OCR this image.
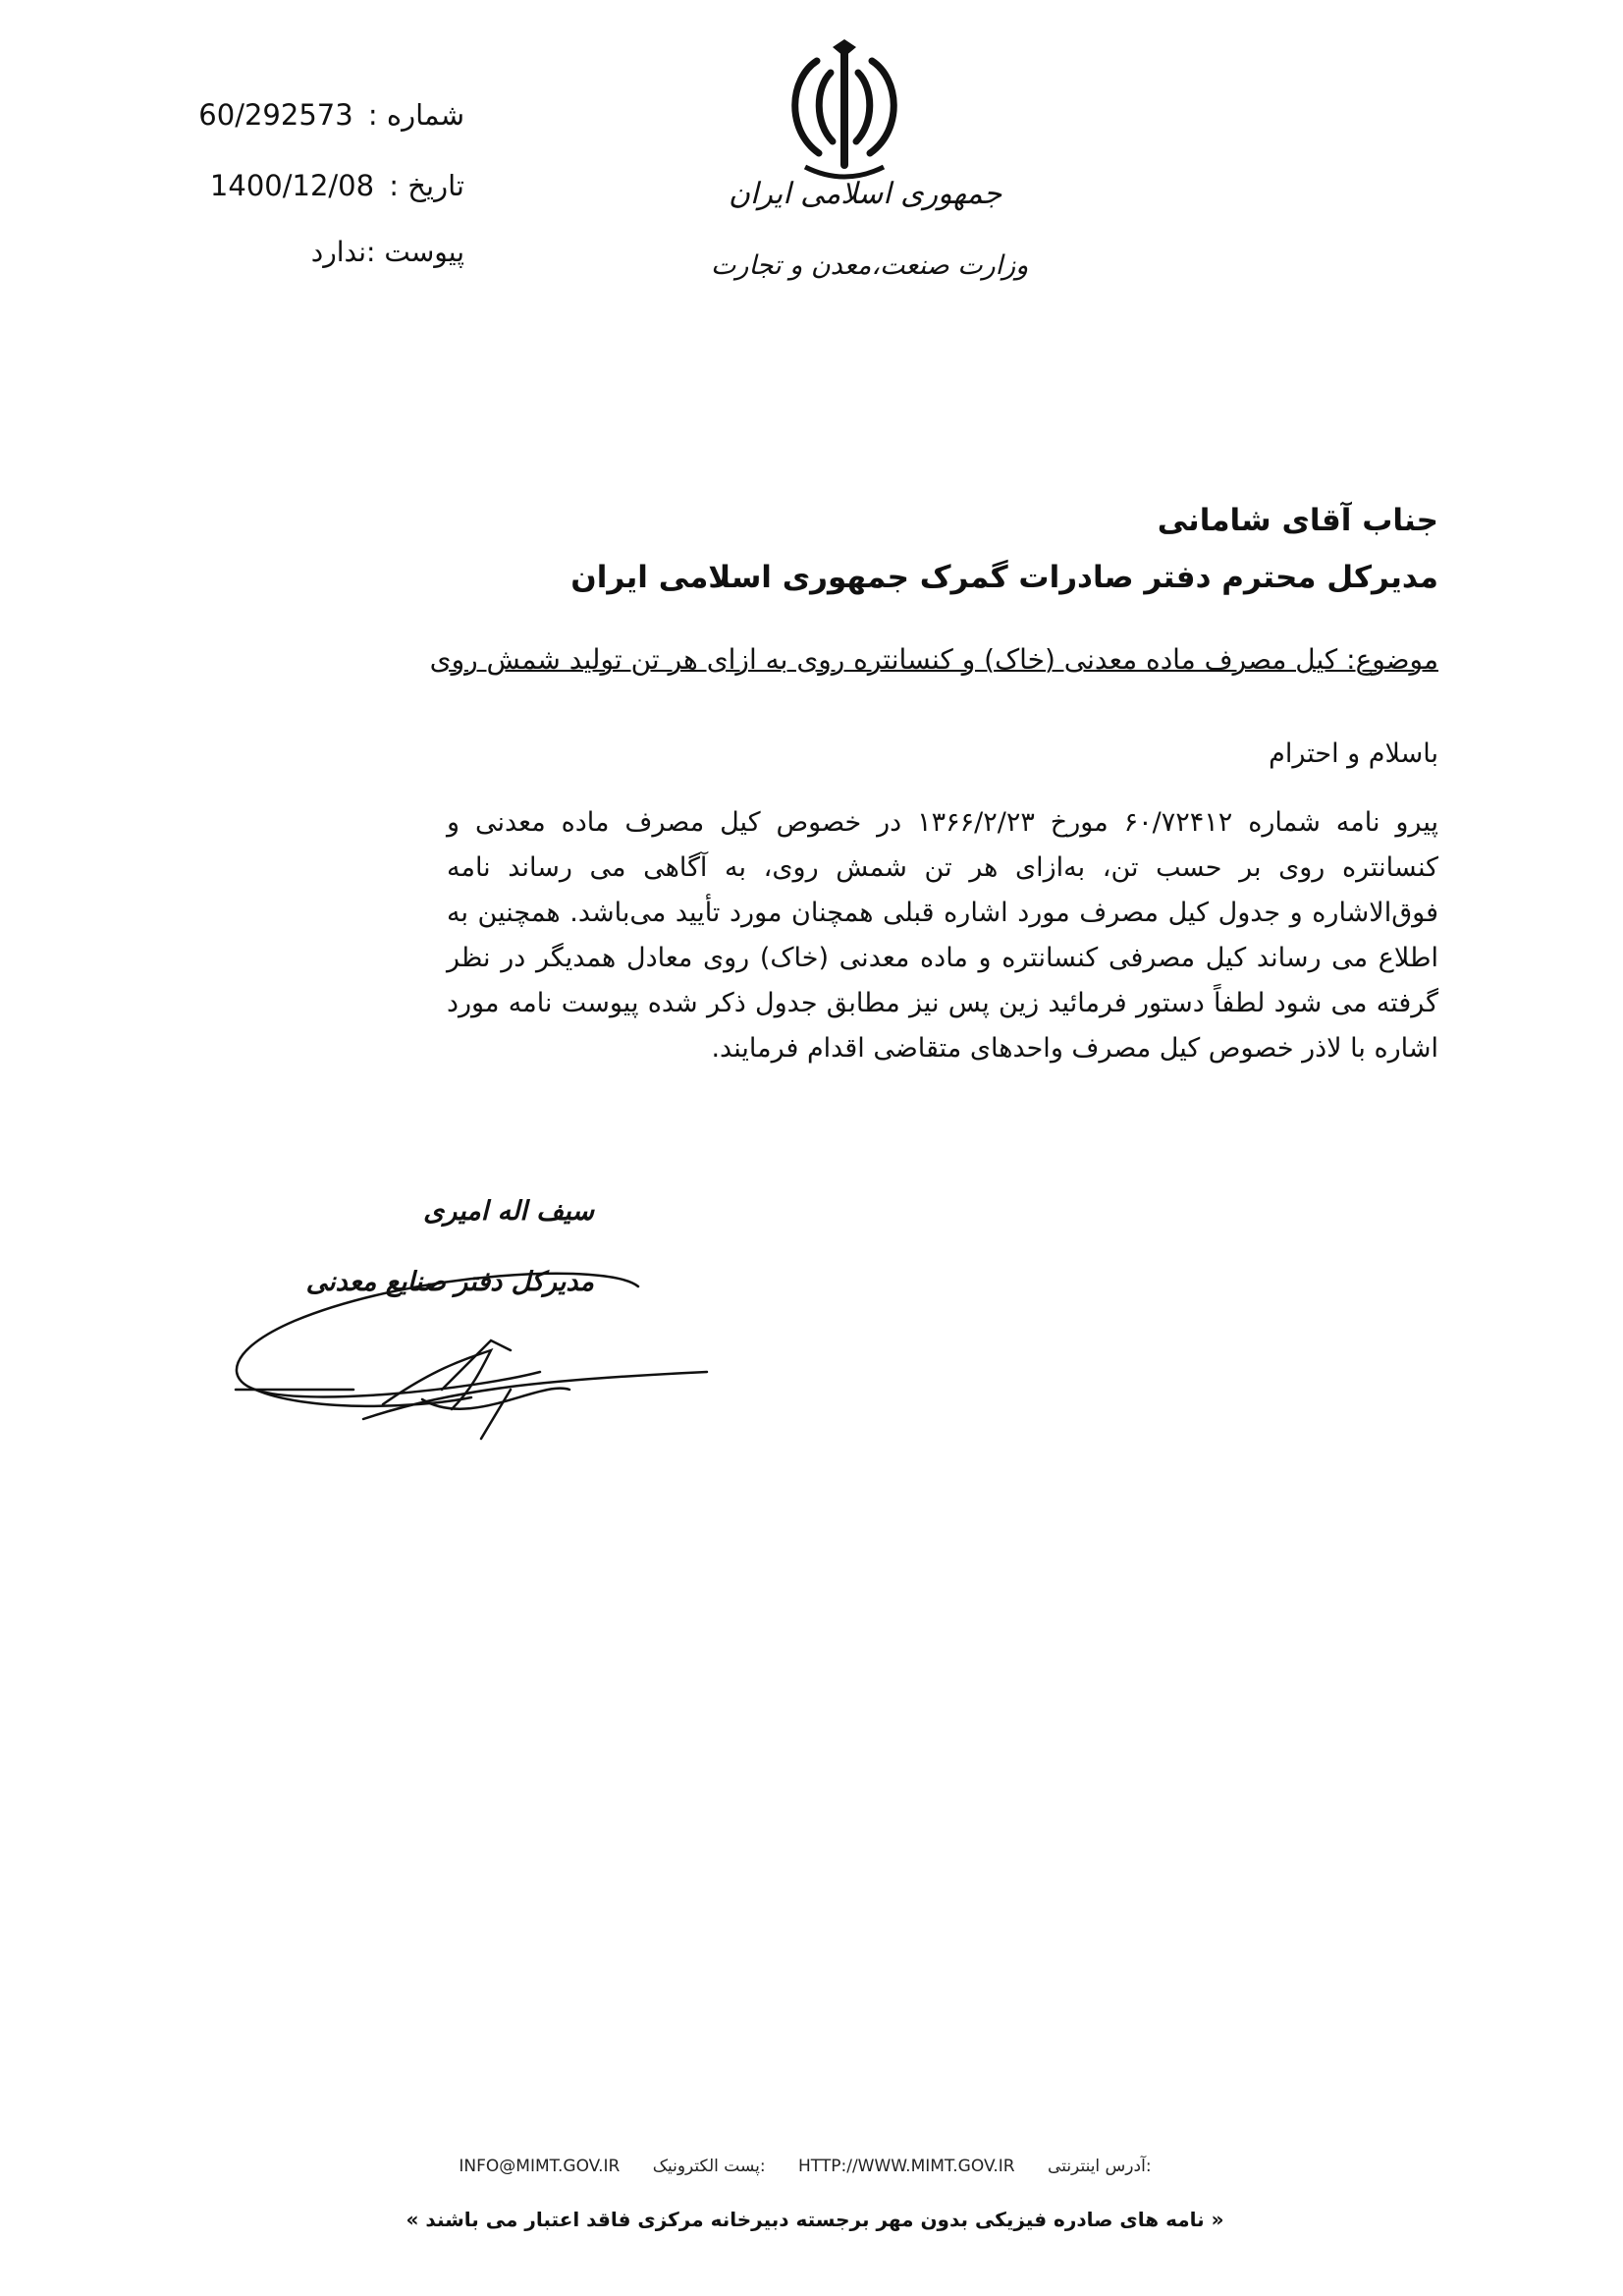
شماره : 60/292573
تاریخ : 1400/12/08
پیوست :ندارد
جمهوری اسلامی ایران
وزارت صنعت،معدن و تجارت
جناب آقای شامانی
مدیرکل محترم دفتر صادرات گمرک جمهوری اسلامی ایران
موضوع: کیل مصرف ماده معدنی (خاک) و کنسانتره روی به ازای هر تن تولید شمش روی
باسلام و احترام
پیرو نامه شماره ۶۰/۷۲۴۱۲ مورخ ۱۳۶۶/۲/۲۳ در خصوص کیل مصرف ماده معدنی و کنسانتره روی بر حسب تن، به‌ازای هر تن شمش روی، به آگاهی می رساند نامه فوق‌الاشاره و جدول کیل مصرف مورد اشاره قبلی همچنان مورد تأیید می‌باشد. همچنین به اطلاع می رساند کیل مصرفی کنسانتره و ماده معدنی (خاک) روی معادل همدیگر در نظر گرفته می شود لطفاً دستور فرمائید زین پس نیز مطابق جدول ذکر شده پیوست نامه مورد اشاره با لاذر خصوص کیل مصرف واحدهای متقاضی اقدام فرمایند.
سیف اله امیری
مدیرکل دفتر صنایع معدنی
INFO@MIMT.GOV.IR پست الکترونیک: HTTP://WWW.MIMT.GOV.IR آدرس اینترنتی:
« نامه های صادره فیزیکی بدون مهر برجسته دبیرخانه مرکزی فاقد اعتبار می باشند »
